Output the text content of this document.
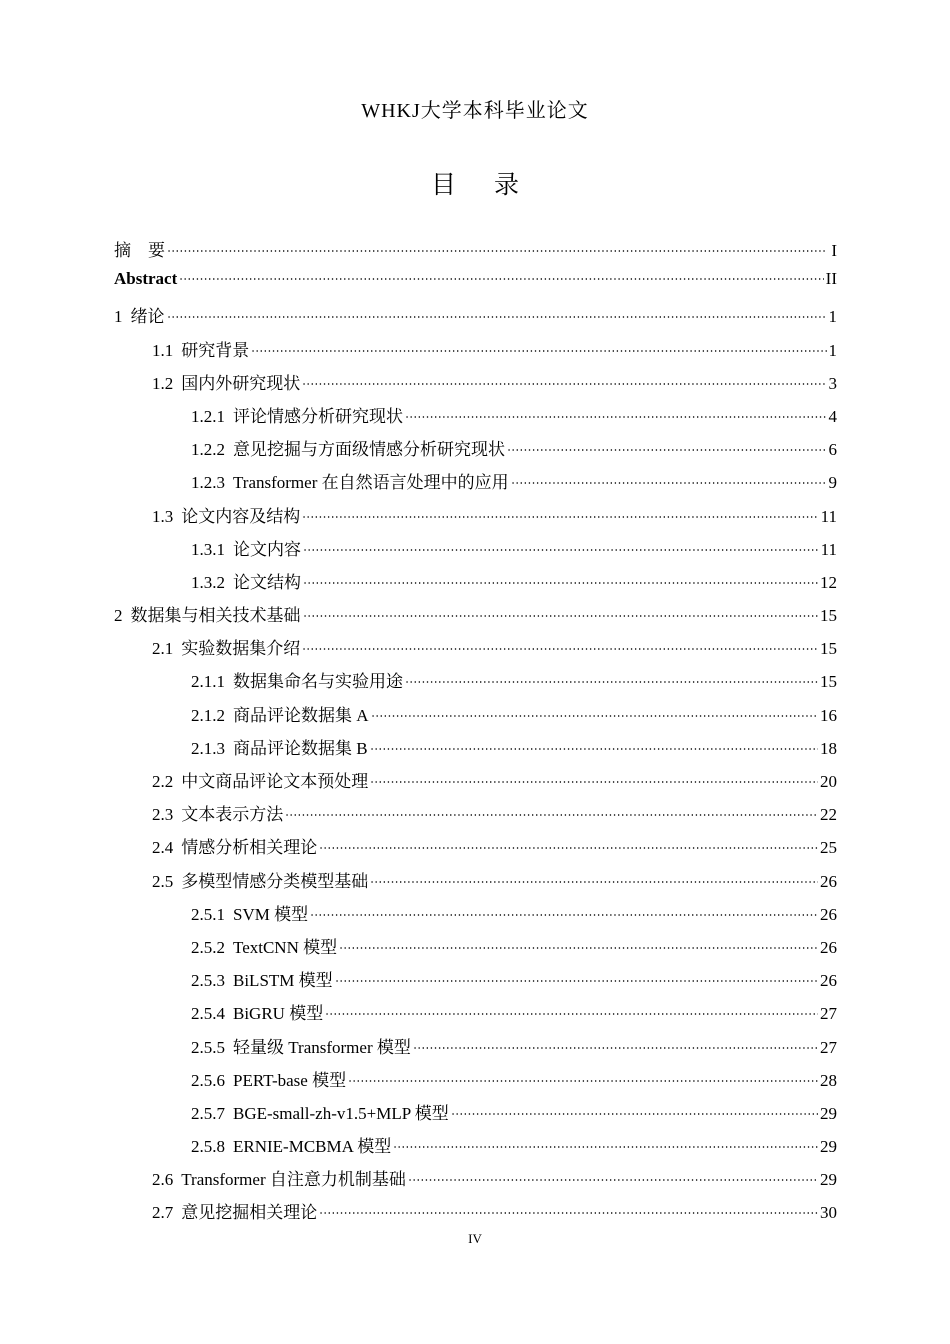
WHKJ大学本科毕业论文
目 录
摘　要	I
Abstract	II
1 绪论	1
1.1 研究背景	1
1.2 国内外研究现状	3
1.2.1 评论情感分析研究现状	4
1.2.2 意见挖掘与方面级情感分析研究现状	6
1.2.3 Transformer 在自然语言处理中的应用	9
1.3 论文内容及结构	11
1.3.1 论文内容	11
1.3.2 论文结构	12
2 数据集与相关技术基础	15
2.1 实验数据集介绍	15
2.1.1 数据集命名与实验用途	15
2.1.2 商品评论数据集 A	16
2.1.3 商品评论数据集 B	18
2.2 中文商品评论文本预处理	20
2.3 文本表示方法	22
2.4 情感分析相关理论	25
2.5 多模型情感分类模型基础	26
2.5.1 SVM 模型	26
2.5.2 TextCNN 模型	26
2.5.3 BiLSTM 模型	26
2.5.4 BiGRU 模型	27
2.5.5 轻量级 Transformer 模型	27
2.5.6 PERT-base 模型	28
2.5.7 BGE-small-zh-v1.5+MLP 模型	29
2.5.8 ERNIE-MCBMA 模型	29
2.6 Transformer 自注意力机制基础	29
2.7 意见挖掘相关理论	30
IV
